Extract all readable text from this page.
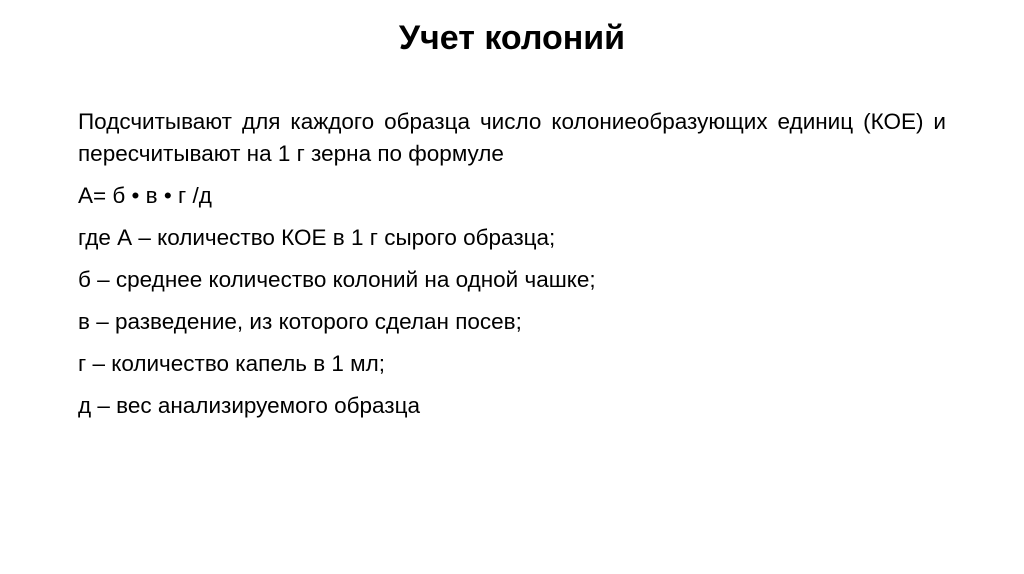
Учет колоний

Подсчитывают для каждого образца число колониеобразующих единиц (КОЕ) и пересчитывают на 1 г зерна по формуле

А= б • в • г /д

где А – количество КОЕ в 1 г сырого образца;

б – среднее количество колоний на одной чашке;

в – разведение, из которого сделан посев;

г – количество капель в 1 мл;

д – вес анализируемого образца
